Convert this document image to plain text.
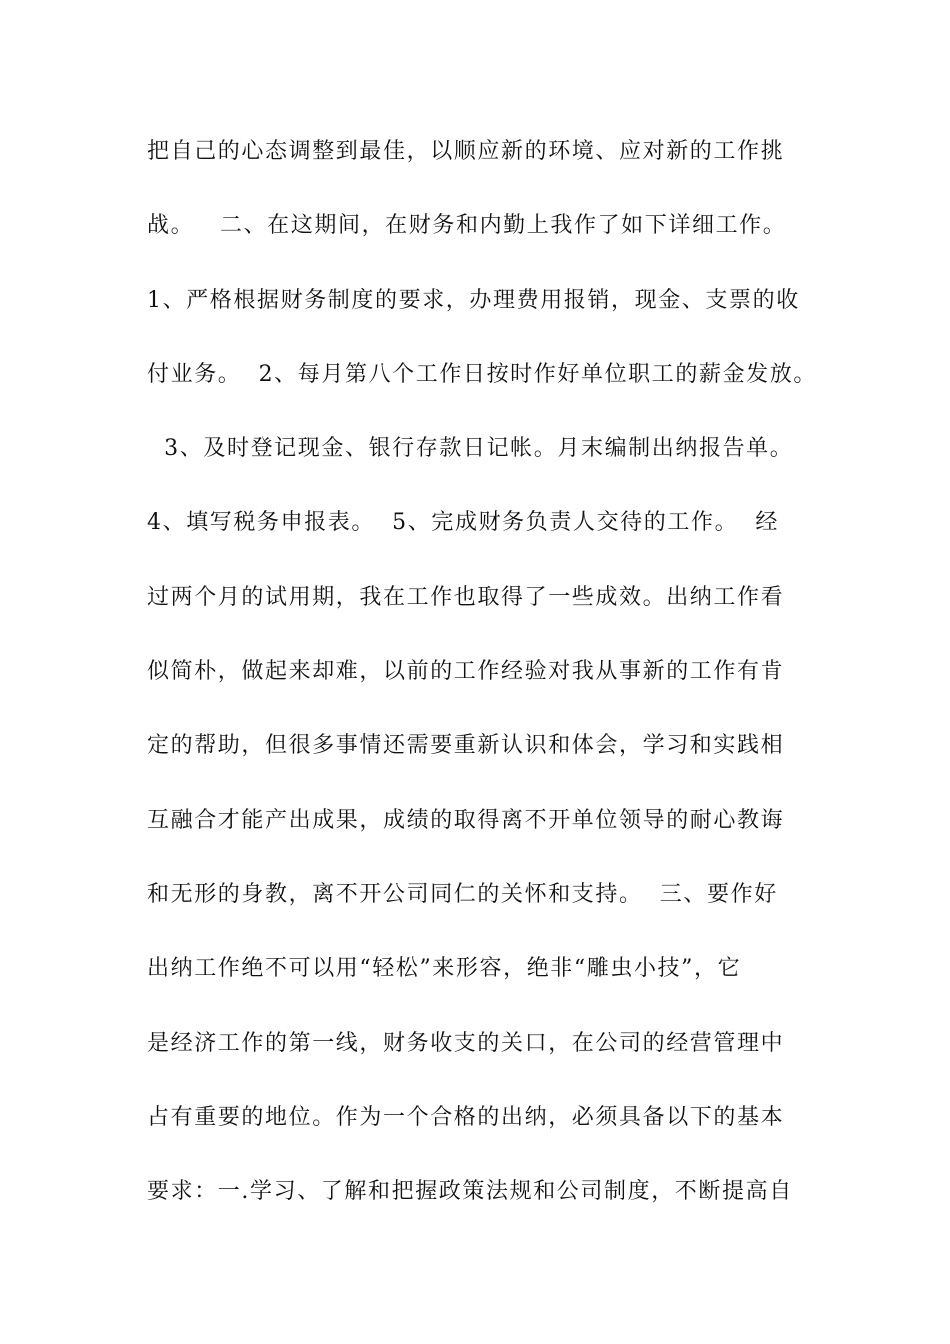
把自己的心态调整到最佳，以顺应新的环境、应对新的工作挑
战。   二、在这期间，在财务和内勤上我作了如下详细工作。
1、严格根据财务制度的要求，办理费用报销，现金、支票的收
付业务。  2、每月第八个工作日按时作好单位职工的薪金发放。
3、及时登记现金、银行存款日记帐。月末编制出纳报告单。
4、填写税务申报表。  5、完成财务负责人交待的工作。  经
过两个月的试用期，我在工作也取得了一些成效。出纳工作看
似简朴，做起来却难，以前的工作经验对我从事新的工作有肯
定的帮助，但很多事情还需要重新认识和体会，学习和实践相
互融合才能产出成果，成绩的取得离不开单位领导的耐心教诲
和无形的身教，离不开公司同仁的关怀和支持。  三、要作好
出纳工作绝不可以用“轻松”来形容，绝非“雕虫小技”，它
是经济工作的第一线，财务收支的关口，在公司的经营管理中
占有重要的地位。作为一个合格的出纳，必须具备以下的基本
要求：一.学习、了解和把握政策法规和公司制度，不断提高自
